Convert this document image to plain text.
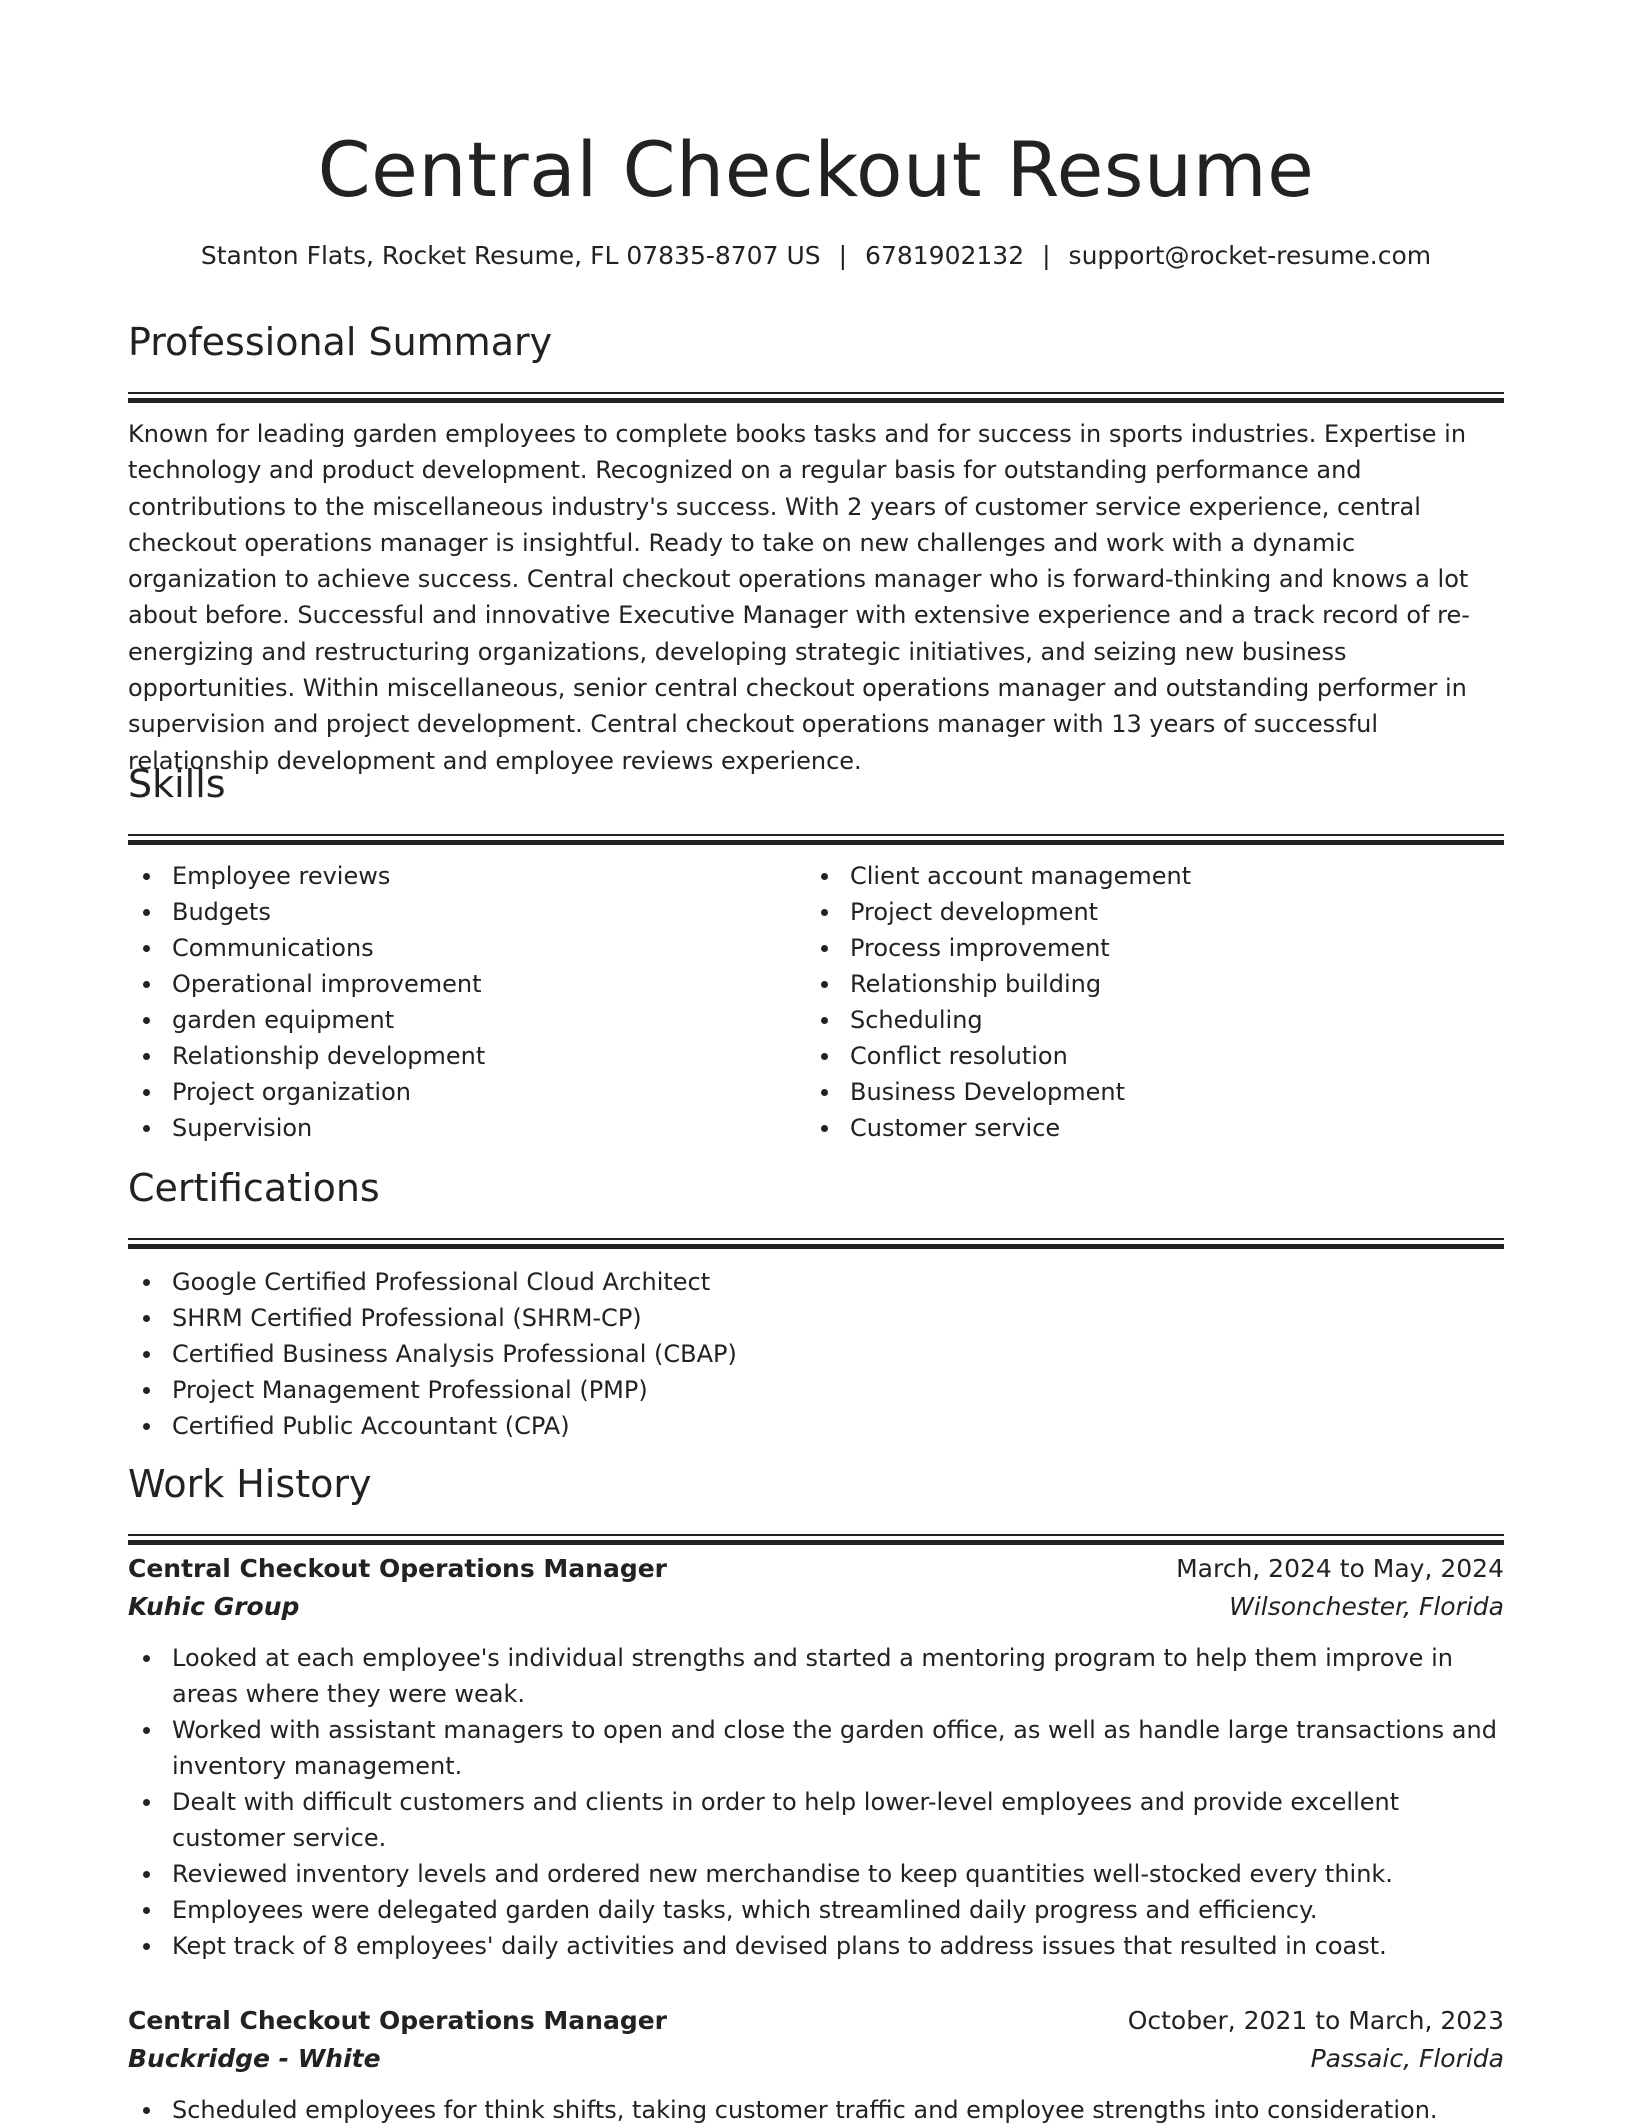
Central Checkout Resume
Stanton Flats, Rocket Resume, FL 07835-8707 US | 6781902132 | support@rocket-resume.com
Professional Summary

Known for leading garden employees to complete books tasks and for success in sports industries. Expertise in technology and product development. Recognized on a regular basis for outstanding performance and contributions to the miscellaneous industry's success. With 2 years of customer service experience, central checkout operations manager is insightful. Ready to take on new challenges and work with a dynamic organization to achieve success. Central checkout operations manager who is forward-thinking and knows a lot about before. Successful and innovative Executive Manager with extensive experience and a track record of re-energizing and restructuring organizations, developing strategic initiatives, and seizing new business opportunities. Within miscellaneous, senior central checkout operations manager and outstanding performer in supervision and project development. Central checkout operations manager with 13 years of successful relationship development and employee reviews experience.

Skills
Employee reviews
Budgets
Communications
Operational improvement
garden equipment
Relationship development
Project organization
Supervision
Client account management
Project development
Process improvement
Relationship building
Scheduling
Conflict resolution
Business Development
Customer service
Certifications
Google Certified Professional Cloud Architect
SHRM Certified Professional (SHRM-CP)
Certified Business Analysis Professional (CBAP)
Project Management Professional (PMP)
Certified Public Accountant (CPA)
Work History
Central Checkout Operations Manager	March, 2024 to May, 2024
Kuhic Group	Wilsonchester, Florida
Looked at each employee's individual strengths and started a mentoring program to help them improve in areas where they were weak.
Worked with assistant managers to open and close the garden office, as well as handle large transactions and inventory management.
Dealt with difficult customers and clients in order to help lower-level employees and provide excellent customer service.
Reviewed inventory levels and ordered new merchandise to keep quantities well-stocked every think.
Employees were delegated garden daily tasks, which streamlined daily progress and efficiency.
Kept track of 8 employees' daily activities and devised plans to address issues that resulted in coast.
Central Checkout Operations Manager	October, 2021 to March, 2023
Buckridge - White	Passaic, Florida
Scheduled employees for think shifts, taking customer traffic and employee strengths into consideration.
